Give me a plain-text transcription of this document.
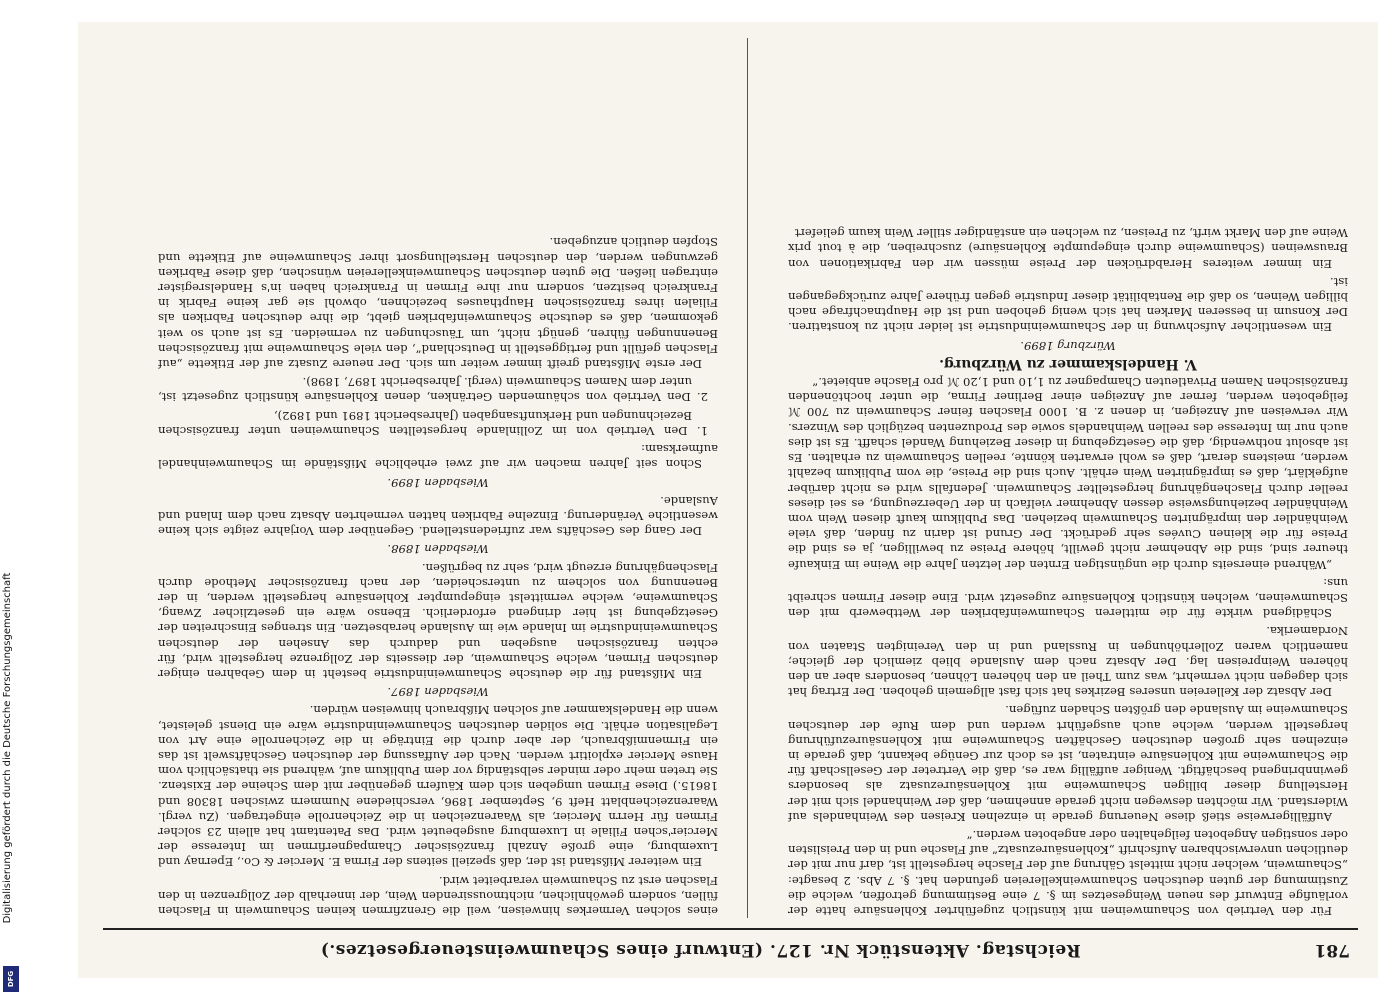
Digitalisierung gefördert durch die Deutsche Forschungsgemeinschaft
DFG
781
Reichstag. Aktenstück Nr. 127. (Entwurf eines Schaumweinsteuergesetzes.)

Für den Vertrieb von Schaumweinen mit künstlich zugeführter Kohlensäure hatte der vorläufige Entwurf des neuen Weingesetzes im §. 7 eine Bestimmung getroffen, welche die Zustimmung der guten deutschen Schaumweinkellereien gefunden hat. §. 7 Abs. 2 besagte: „Schaumwein, welcher nicht mittelst Gährung auf der Flasche hergestellt ist, darf nur mit der deutlichen unverwischbaren Aufschrift „Kohlensäurezusatz“ auf Flasche und in den Preislisten oder sonstigen Angeboten feilgehalten oder angeboten werden.“

Auffälligerweise stieß diese Neuerung gerade in einzelnen Kreisen des Weinhandels auf Widerstand. Wir möchten deswegen nicht gerade annehmen, daß der Weinhandel sich mit der Herstellung dieser billigen Schaumweine mit Kohlensäurezusatz als besonders gewinnbringend beschäftigt. Weniger auffällig war es, daß die Vertreter der Gesellschaft für die Schaumweine mit Kohlensäure eintraten, ist es doch zur Genüge bekannt, daß gerade in einzelnen sehr großen deutschen Geschäften Schaumweine mit Kohlensäurezuführung hergestellt werden, welche auch ausgeführt werden und dem Rufe der deutschen Schaumweine im Auslande den größten Schaden zufügen.

Der Absatz der Kellereien unseres Bezirkes hat sich fast allgemein gehoben. Der Ertrag hat sich dagegen nicht vermehrt, was zum Theil an den höheren Löhnen, besonders aber an den höheren Weinpreisen lag. Der Absatz nach dem Auslande blieb ziemlich der gleiche; namentlich waren Zollerhöhungen in Russland und in den Vereinigten Staaten von Nordamerika.

Schädigend wirkte für die mittleren Schaumweinfabriken der Wettbewerb mit den Schaumweinen, welchen künstlich Kohlensäure zugesetzt wird. Eine dieser Firmen schreibt uns:

„Während einerseits durch die ungünstigen Ernten der letzten Jahre die Weine im Einkaufe theurer sind, sind die Abnehmer nicht gewillt, höhere Preise zu bewilligen, ja es sind die Preise für die kleinen Cuvées sehr gedrückt. Der Grund ist darin zu finden, daß viele Weinhändler den imprägnirten Schaumwein beziehen. Das Publikum kauft diesen Wein vom Weinhändler beziehungsweise dessen Abnehmer vielfach in der Ueberzeugung, es sei dieses reeller durch Flaschengährung hergestellter Schaumwein. Jedenfalls wird es nicht darüber aufgeklärt, daß es imprägnirten Wein erhält. Auch sind die Preise, die vom Publikum bezahlt werden, meistens derart, daß es wohl erwarten könnte, reellen Schaumwein zu erhalten. Es ist absolut nothwendig, daß die Gesetzgebung in dieser Beziehung Wandel schafft. Es ist dies auch nur im Interesse des reellen Weinhandels sowie des Produzenten bezüglich des Winzers. Wir verweisen auf Anzeigen, in denen z. B. 1000 Flaschen feiner Schaumwein zu 700 ℳ feilgeboten werden, ferner auf Anzeigen einer Berliner Firma, die unter hochtönenden französischen Namen Privatleuten Champagner zu 1,10 und 1,20 ℳ pro Flasche anbietet.“

V. Handelskammer zu Würzburg.

Würzburg 1899.

Ein wesentlicher Aufschwung in der Schaumweinindustrie ist leider nicht zu konstatiren. Der Konsum in besseren Marken hat sich wenig gehoben und ist die Hauptnachfrage nach billigen Weinen, so daß die Rentabilität dieser Industrie gegen frühere Jahre zurückgegangen ist.

Ein immer weiteres Herabdrücken der Preise müssen wir den Fabrikationen von Brausweinen (Schaumweine durch eingepumpte Kohlensäure) zuschreiben, die à tout prix Weine auf den Markt wirft, zu Preisen, zu welchen ein anständiger stiller Wein kaum geliefert

eines solchen Vermerkes hinweisen, weil die Grenzfirmen keinen Schaumwein in Flaschen füllen, sondern gewöhnlichen, nichtmoussirenden Wein, der innerhalb der Zollgrenzen in den Flaschen erst zu Schaumwein verarbeitet wird.

Ein weiterer Mißstand ist der, daß speziell seitens der Firma E. Mercier & Co., Epernay und Luxemburg, eine große Anzahl französischer Champagnerfirmen im Interesse der Mercier'schen Filiale in Luxemburg ausgebeutet wird. Das Patentamt hat allein 23 solcher Firmen für Herrn Mercier, als Waarenzeichen in die Zeichenrolle eingetragen. (Zu vergl. Waarenzeichenblatt Heft 9, September 1896, verschiedene Nummern zwischen 18308 und 18615.) Diese Firmen umgeben sich dem Käufern gegenüber mit dem Scheine der Existenz. Sie treten mehr oder minder selbständig vor dem Publikum auf, während sie thatsächlich vom Hause Mercier exploitirt werden. Nach der Auffassung der deutschen Geschäftswelt ist das ein Firmenmißbrauch, der aber durch die Einträge in die Zeichenrolle eine Art von Legalisation erhält. Die soliden deutschen Schaumweinindustrie wäre ein Dienst geleistet, wenn die Handelskammer auf solchen Mißbrauch hinweisen würden.

Wiesbaden 1897.

Ein Mißstand für die deutsche Schaumweinindustrie besteht in dem Gebahren einiger deutschen Firmen, welche Schaumwein, der diesseits der Zollgrenze hergestellt wird, für echten französischen ausgeben und dadurch das Ansehen der deutschen Schaumweinindustrie im Inlande wie im Auslande herabsetzen. Ein strenges Einschreiten der Gesetzgebung ist hier dringend erforderlich. Ebenso wäre ein gesetzlicher Zwang, Schaumweine, welche vermittelst eingepumpter Kohlensäure hergestellt werden, in der Benennung von solchem zu unterscheiden, der nach französischer Methode durch Flaschengährung erzeugt wird, sehr zu begrüßen.

Wiesbaden 1898.

Der Gang des Geschäfts war zufriedenstellend. Gegenüber dem Vorjahre zeigte sich keine wesentliche Veränderung. Einzelne Fabriken hatten vermehrten Absatz nach dem Inland und Auslande.

Wiesbaden 1899.

Schon seit Jahren machen wir auf zwei erhebliche Mißstände im Schaumweinhandel aufmerksam:

1. Den Vertrieb von im Zollinlande hergestellten Schaumweinen unter französischen Bezeichnungen und Herkunftsangaben (Jahresbericht 1891 und 1892),

2. Den Vertrieb von schäumenden Getränken, denen Kohlensäure künstlich zugesetzt ist, unter dem Namen Schaumwein (vergl. Jahresbericht 1897, 1898).

Der erste Mißstand greift immer weiter um sich. Der neuere Zusatz auf der Etikette „auf Flaschen gefüllt und fertiggestellt in Deutschland“, den viele Schaumweine mit französischen Benennungen führen, genügt nicht, um Täuschungen zu vermeiden. Es ist auch so weit gekommen, daß es deutsche Schaumweinfabriken giebt, die ihre deutschen Fabriken als Filialen ihres französischen Haupthauses bezeichnen, obwohl sie gar keine Fabrik in Frankreich besitzen, sondern nur ihre Firmen in Frankreich haben in's Handelsregister eintragen ließen. Die guten deutschen Schaumweinkellereien wünschen, daß diese Fabriken gezwungen werden, den deutschen Herstellungsort ihrer Schaumweine auf Etikette und Stopfen deutlich anzugeben.
